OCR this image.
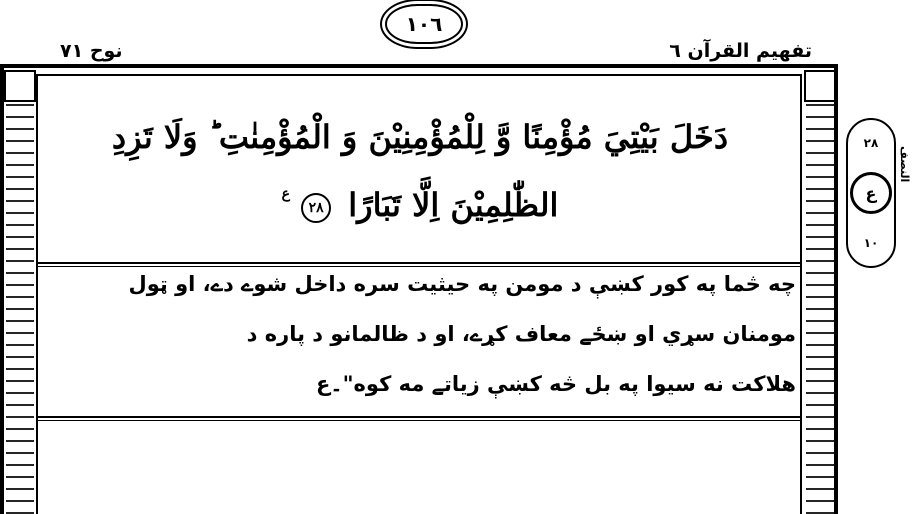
١٠٦
نوح ٧١	تفهیم القرآن ٦
دَخَلَ بَيْتِيَ مُؤْمِنًا وَّ لِلْمُؤْمِنِيْنَ وَ الْمُؤْمِنٰتِ ؕ وَلَا تَزِدِ
الظّٰلِمِيْنَ اِلَّا تَبَارًا ٢٨ $^ع$
چه څما په کور کښې د مومن په حیثیت سره داخل شوے دے، او ټول
مومنان سړي او ښځے معاف کړے، او د ظالمانو د پاره د
هلاکت نه سیوا په بل څه کښې زیاتے مه کوه"۔ع
٢٨
ع
١٠
النصف
